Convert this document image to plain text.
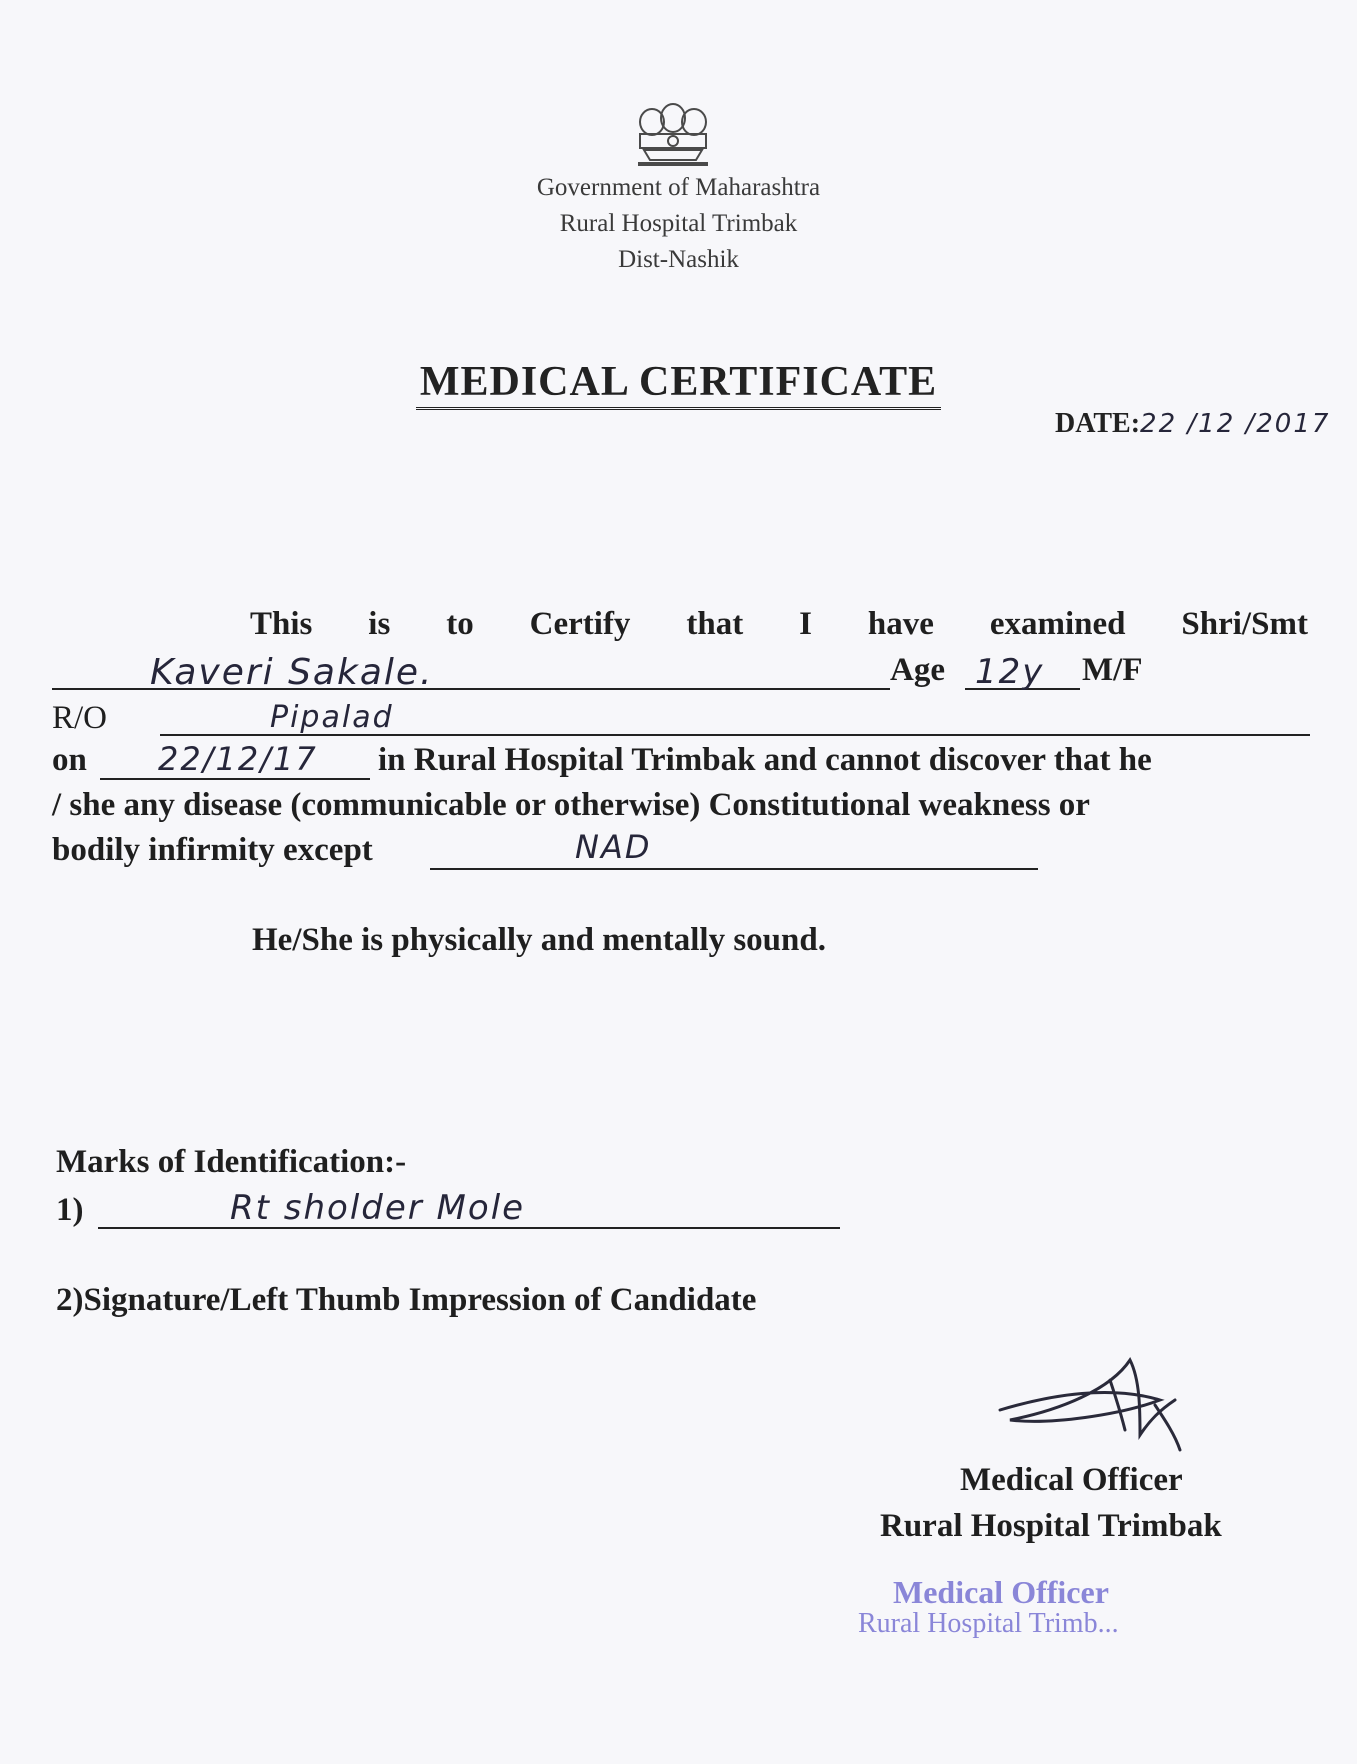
Government of Maharashtra
Rural Hospital Trimbak
Dist-Nashik
MEDICAL CERTIFICATE
DATE:22 /12 /2017
This is to Certify that I have examined Shri/Smt
Kaveri Sakale.	Age 12y M/F
R/O	Pipalad
on 22/12/17 in Rural Hospital Trimbak and cannot discover that he
/ she any disease (communicable or otherwise) Constitutional weakness or
bodily infirmity except	NAD
He/She is physically and mentally sound.
Marks of Identification:-
1)	Rt sholder Mole
2)Signature/Left Thumb Impression of Candidate
Medical Officer
Rural Hospital Trimbak
Medical Officer
Rural Hospital Trimb...
